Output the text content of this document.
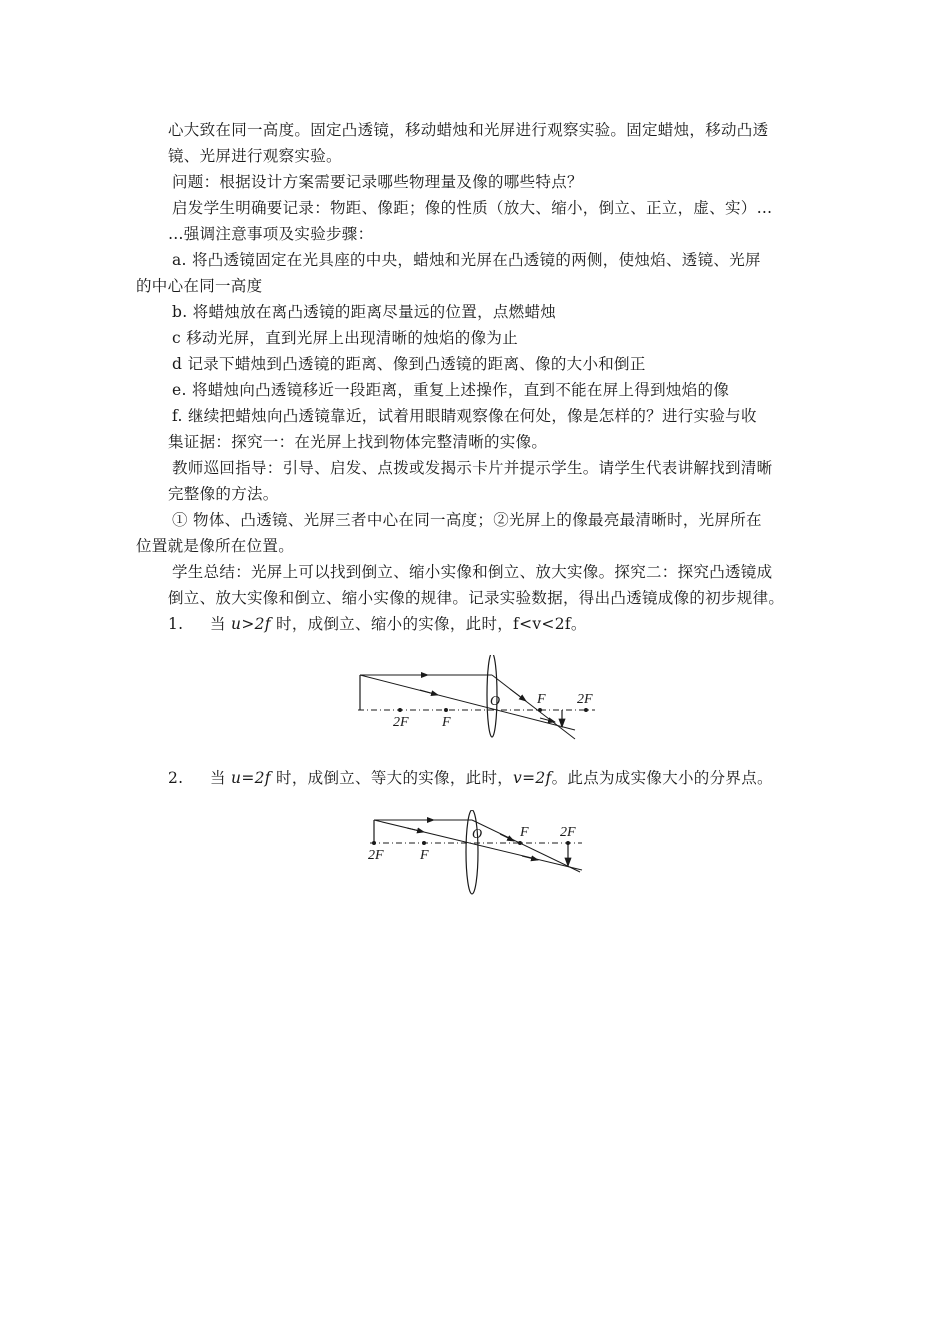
心大致在同一高度。固定凸透镜，移动蜡烛和光屏进行观察实验。固定蜡烛，移动凸透
镜、光屏进行观察实验。
问题：根据设计方案需要记录哪些物理量及像的哪些特点？
启发学生明确要记录：物距、像距；像的性质（放大、缩小，倒立、正立，虚、实）…
…强调注意事项及实验步骤：
a. 将凸透镜固定在光具座的中央，蜡烛和光屏在凸透镜的两侧，使烛焰、透镜、光屏
的中心在同一高度
b. 将蜡烛放在离凸透镜的距离尽量远的位置，点燃蜡烛
c 移动光屏，直到光屏上出现清晰的烛焰的像为止
d 记录下蜡烛到凸透镜的距离、像到凸透镜的距离、像的大小和倒正
e. 将蜡烛向凸透镜移近一段距离，重复上述操作，直到不能在屏上得到烛焰的像
f. 继续把蜡烛向凸透镜靠近，试着用眼睛观察像在何处，像是怎样的？进行实验与收
集证据：探究一：在光屏上找到物体完整清晰的实像。
教师巡回指导：引导、启发、点拨或发揭示卡片并提示学生。请学生代表讲解找到清晰
完整像的方法。
① 物体、凸透镜、光屏三者中心在同一高度；②光屏上的像最亮最清晰时，光屏所在
位置就是像所在位置。
学生总结：光屏上可以找到倒立、缩小实像和倒立、放大实像。探究二：探究凸透镜成
倒立、放大实像和倒立、缩小实像的规律。记录实验数据，得出凸透镜成像的初步规律。
1. 当 u>2f 时，成倒立、缩小的实像，此时，f<v<2f。
O	F 2F
2F F
2. 当 u=2f 时，成倒立、等大的实像，此时，v=2f。此点为成实像大小的分界点。
O	F 2F
2F	F
